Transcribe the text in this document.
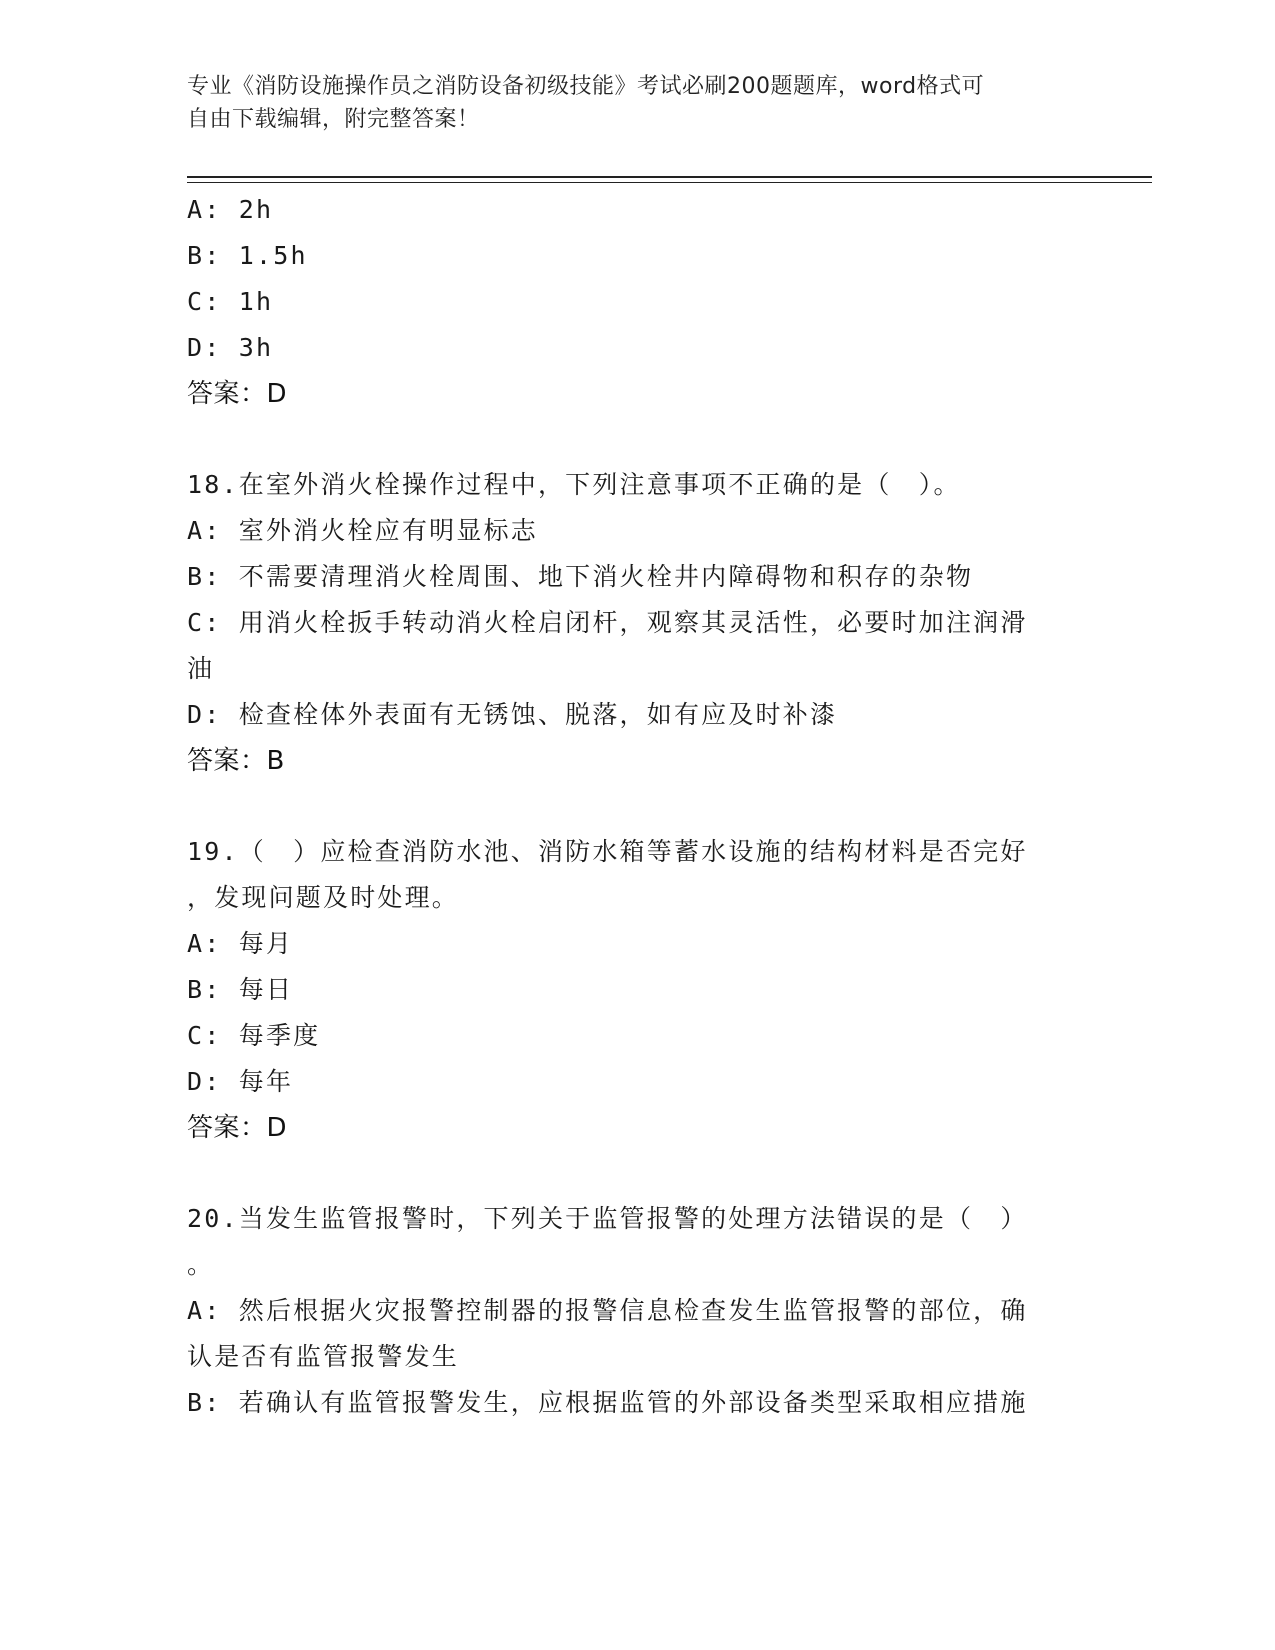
专业《消防设施操作员之消防设备初级技能》考试必刷200题题库，word格式可
自由下载编辑，附完整答案！
A: 2h
B: 1.5h
C: 1h
D: 3h
答案：D
18.在室外消火栓操作过程中，下列注意事项不正确的是（　）。
A: 室外消火栓应有明显标志
B: 不需要清理消火栓周围、地下消火栓井内障碍物和积存的杂物
C: 用消火栓扳手转动消火栓启闭杆，观察其灵活性，必要时加注润滑
油
D: 检查栓体外表面有无锈蚀、脱落，如有应及时补漆
答案：B
19.（　）应检查消防水池、消防水箱等蓄水设施的结构材料是否完好
，发现问题及时处理。
A: 每月
B: 每日
C: 每季度
D: 每年
答案：D
20.当发生监管报警时，下列关于监管报警的处理方法错误的是（　）
。
A: 然后根据火灾报警控制器的报警信息检查发生监管报警的部位，确
认是否有监管报警发生
B: 若确认有监管报警发生，应根据监管的外部设备类型采取相应措施
